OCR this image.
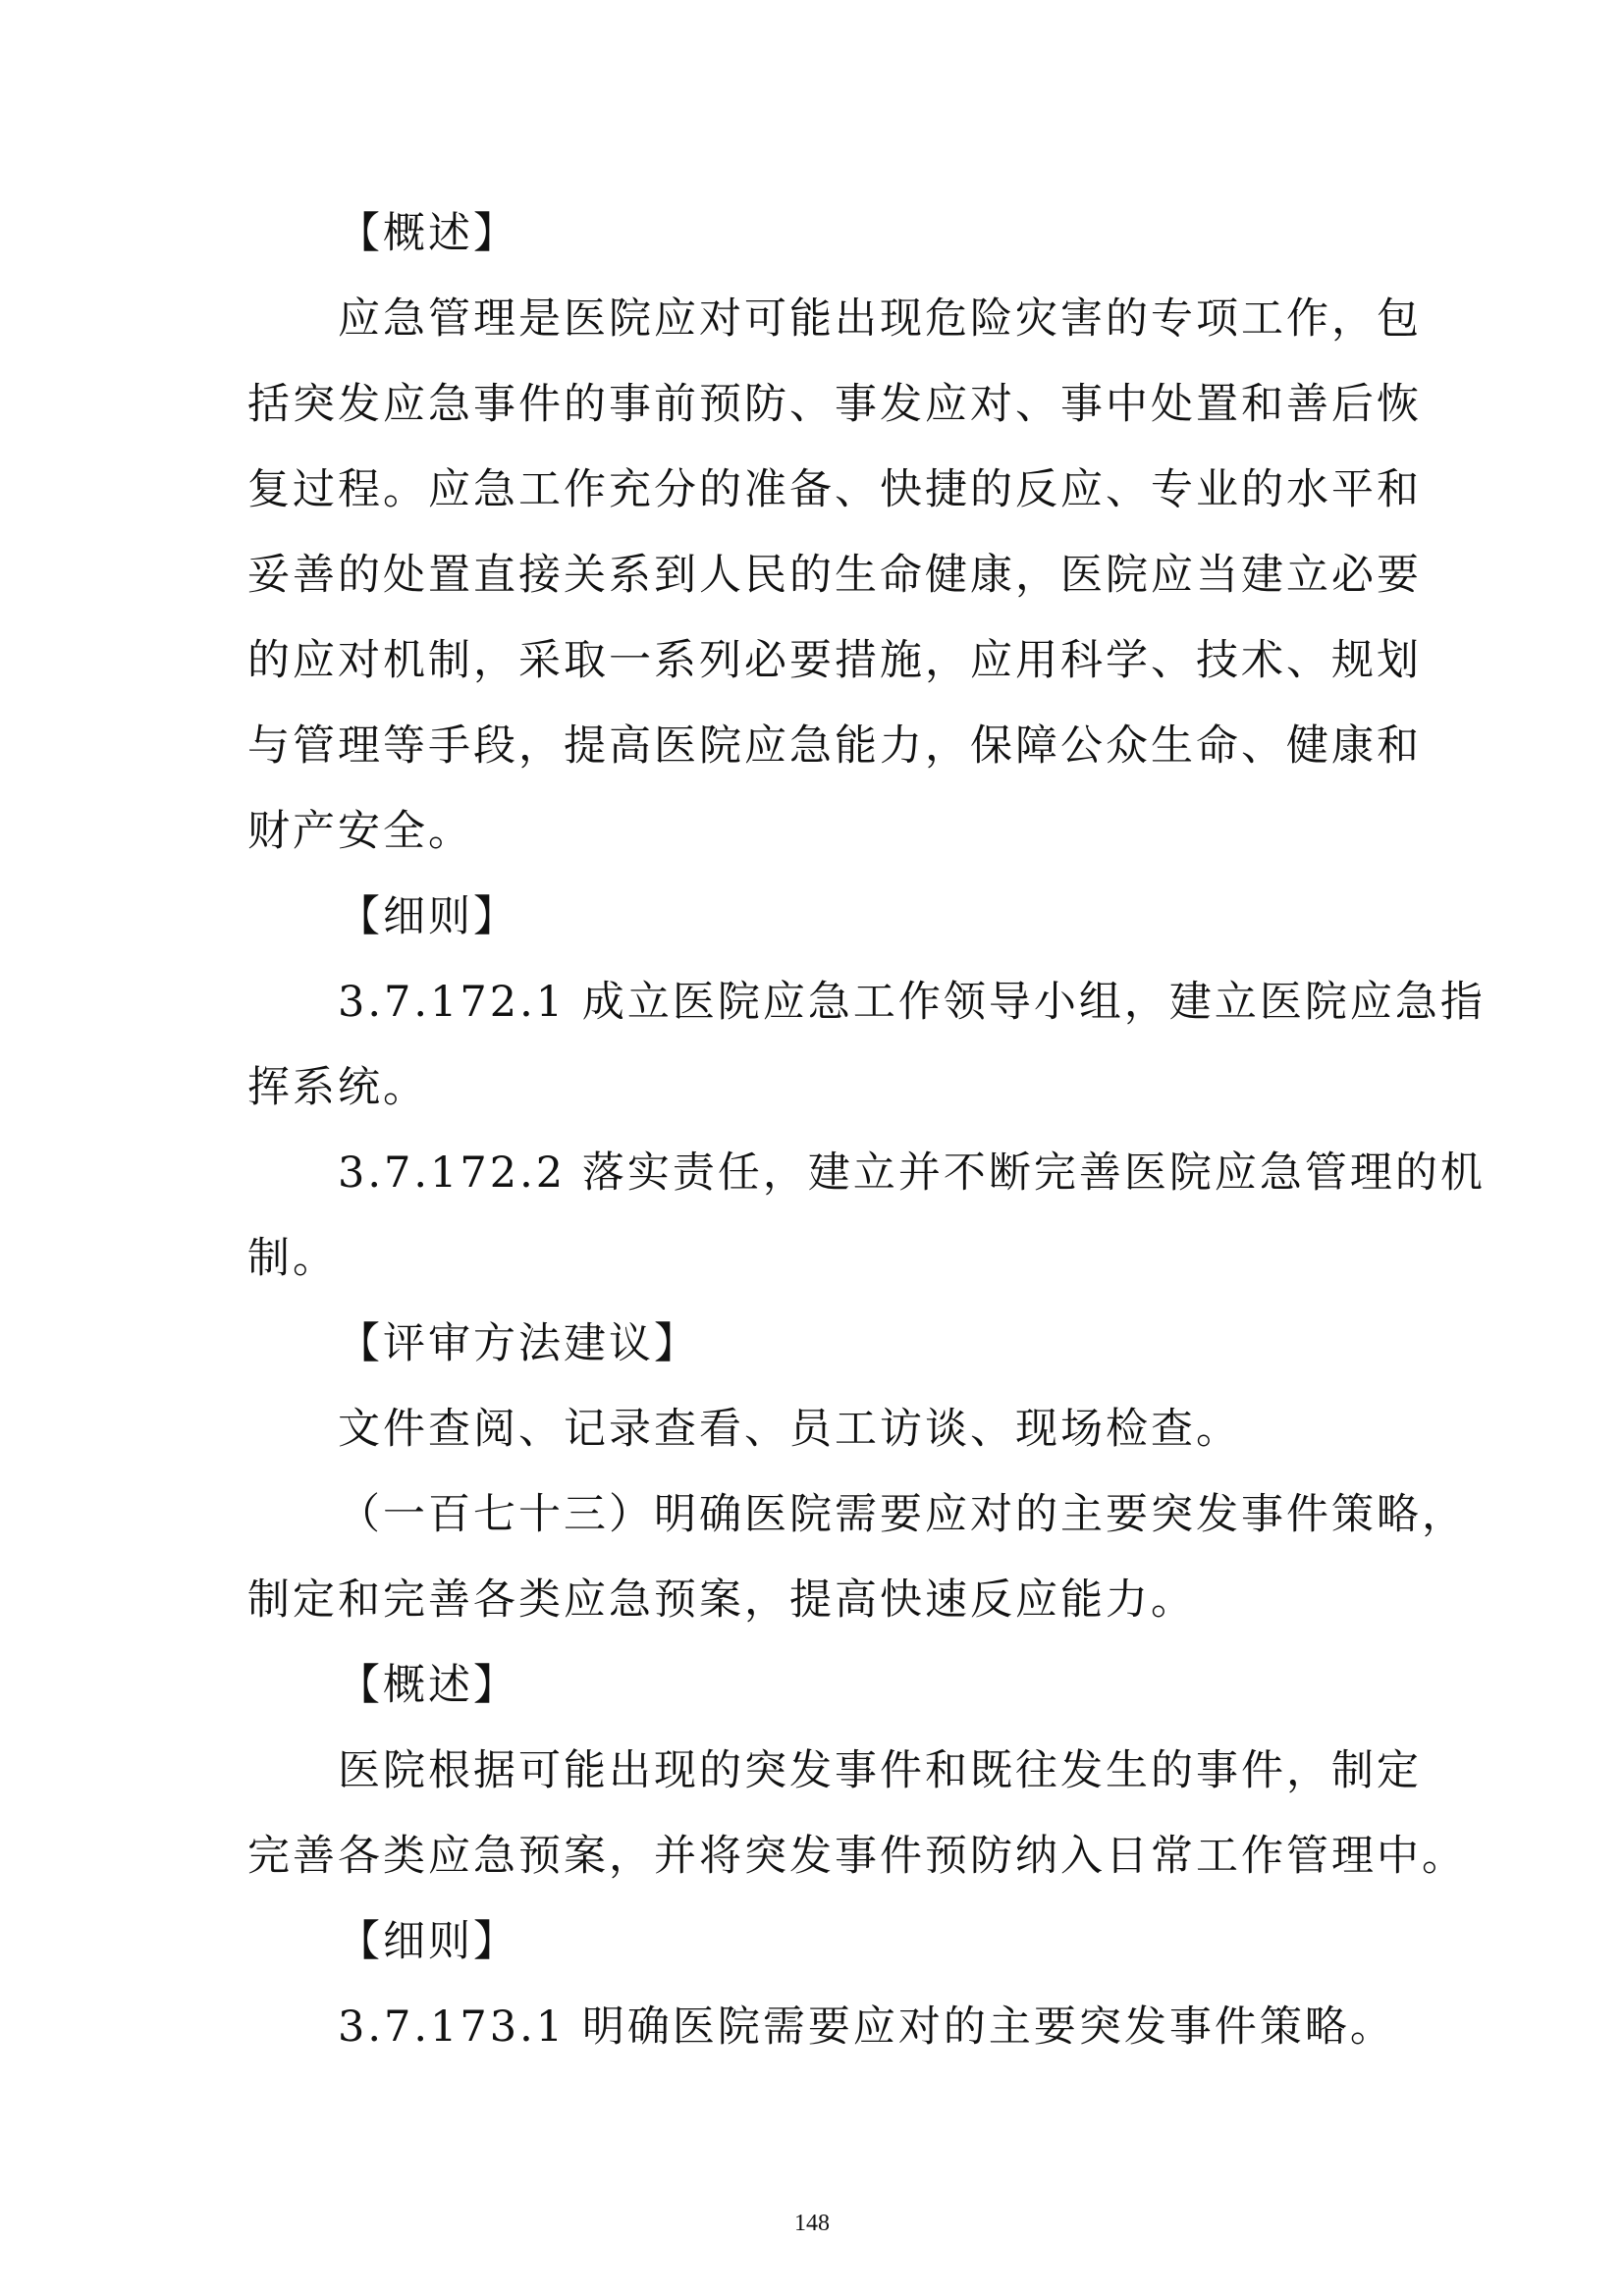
【概述】
应急管理是医院应对可能出现危险灾害的专项工作，包
括突发应急事件的事前预防、事发应对、事中处置和善后恢
复过程。应急工作充分的准备、快捷的反应、专业的水平和
妥善的处置直接关系到人民的生命健康，医院应当建立必要
的应对机制，采取一系列必要措施，应用科学、技术、规划
与管理等手段，提高医院应急能力，保障公众生命、健康和
财产安全。
【细则】
3.7.172.1 成立医院应急工作领导小组，建立医院应急指
挥系统。
3.7.172.2 落实责任，建立并不断完善医院应急管理的机
制。
【评审方法建议】
文件查阅、记录查看、员工访谈、现场检查。
（一百七十三）明确医院需要应对的主要突发事件策略，
制定和完善各类应急预案，提高快速反应能力。
【概述】
医院根据可能出现的突发事件和既往发生的事件，制定
完善各类应急预案，并将突发事件预防纳入日常工作管理中。
【细则】
3.7.173.1 明确医院需要应对的主要突发事件策略。
148
